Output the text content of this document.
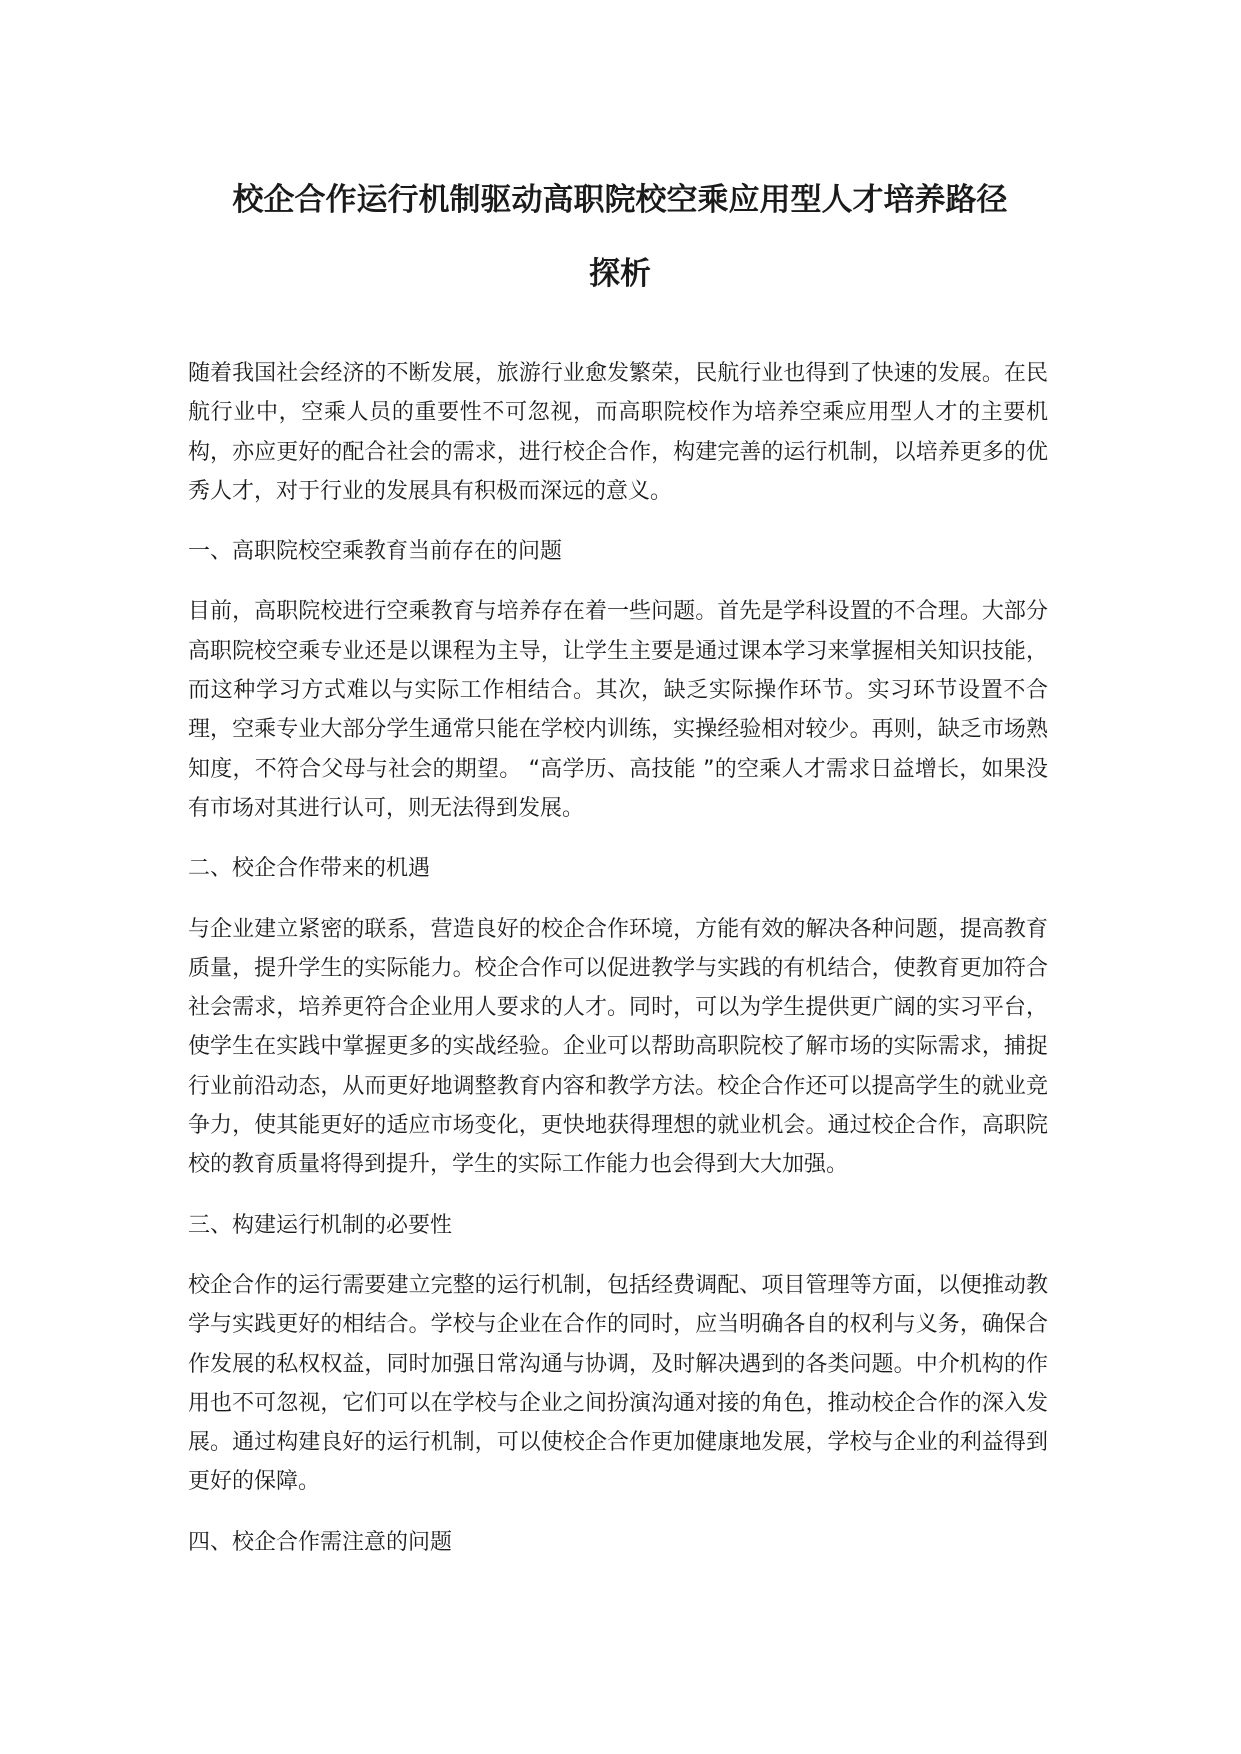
校企合作运行机制驱动高职院校空乘应用型人才培养路径
探析

随着我国社会经济的不断发展，旅游行业愈发繁荣，民航行业也得到了快速的发展。在民航行业中，空乘人员的重要性不可忽视，而高职院校作为培养空乘应用型人才的主要机构，亦应更好的配合社会的需求，进行校企合作，构建完善的运行机制，以培养更多的优秀人才，对于行业的发展具有积极而深远的意义。

一、高职院校空乘教育当前存在的问题

目前，高职院校进行空乘教育与培养存在着一些问题。首先是学科设置的不合理。大部分高职院校空乘专业还是以课程为主导，让学生主要是通过课本学习来掌握相关知识技能，而这种学习方式难以与实际工作相结合。其次，缺乏实际操作环节。实习环节设置不合理，空乘专业大部分学生通常只能在学校内训练，实操经验相对较少。再则，缺乏市场熟知度，不符合父母与社会的期望。 “高学历、高技能 ”的空乘人才需求日益增长，如果没有市场对其进行认可，则无法得到发展。

二、校企合作带来的机遇

与企业建立紧密的联系，营造良好的校企合作环境，方能有效的解决各种问题，提高教育质量，提升学生的实际能力。校企合作可以促进教学与实践的有机结合，使教育更加符合社会需求，培养更符合企业用人要求的人才。同时，可以为学生提供更广阔的实习平台，使学生在实践中掌握更多的实战经验。企业可以帮助高职院校了解市场的实际需求，捕捉行业前沿动态，从而更好地调整教育内容和教学方法。校企合作还可以提高学生的就业竞争力，使其能更好的适应市场变化，更快地获得理想的就业机会。通过校企合作，高职院校的教育质量将得到提升，学生的实际工作能力也会得到大大加强。

三、构建运行机制的必要性

校企合作的运行需要建立完整的运行机制，包括经费调配、项目管理等方面，以便推动教学与实践更好的相结合。学校与企业在合作的同时，应当明确各自的权利与义务，确保合作发展的私权权益，同时加强日常沟通与协调，及时解决遇到的各类问题。中介机构的作用也不可忽视，它们可以在学校与企业之间扮演沟通对接的角色，推动校企合作的深入发展。通过构建良好的运行机制，可以使校企合作更加健康地发展，学校与企业的利益得到更好的保障。

四、校企合作需注意的问题
